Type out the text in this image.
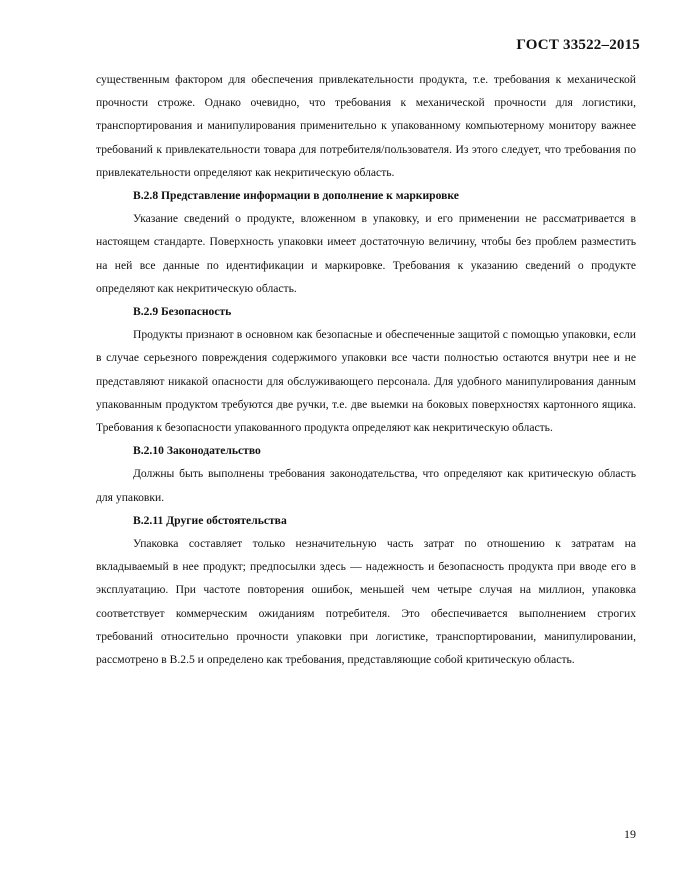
ГОСТ 33522–2015

существенным фактором для обеспечения привлекательности продукта, т.е. требования к механической прочности строже. Однако очевидно, что требования к механической прочности для логистики, транспортирования и манипулирования применительно к упакованному компьютерному монитору важнее требований к привлекательности товара для потребителя/пользователя. Из этого следует, что требования по привлекательности определяют как некритическую область.

В.2.8 Представление информации в дополнение к маркировке

Указание сведений о продукте, вложенном в упаковку, и его применении не рассматривается в настоящем стандарте. Поверхность упаковки имеет достаточную величину, чтобы без проблем разместить на ней все данные по идентификации и маркировке. Требования к указанию сведений о продукте определяют как некритическую область.

В.2.9 Безопасность

Продукты признают в основном как безопасные и обеспеченные защитой с помощью упаковки, если в случае серьезного повреждения содержимого упаковки все части полностью остаются внутри нее и не представляют никакой опасности для обслуживающего персонала. Для удобного манипулирования данным упакованным продуктом требуются две ручки, т.е. две выемки на боковых поверхностях картонного ящика. Требования к безопасности упакованного продукта определяют как некритическую область.

В.2.10 Законодательство

Должны быть выполнены требования законодательства, что определяют как критическую область для упаковки.

В.2.11 Другие обстоятельства

Упаковка составляет только незначительную часть затрат по отношению к затратам на вкладываемый в нее продукт; предпосылки здесь — надежность и безопасность продукта при вводе его в эксплуатацию. При частоте повторения ошибок, меньшей чем четыре случая на миллион, упаковка соответствует коммерческим ожиданиям потребителя. Это обеспечивается выполнением строгих требований относительно прочности упаковки при логистике, транспортировании, манипулировании, рассмотрено в В.2.5 и определено как требования, представляющие собой критическую область.

19
